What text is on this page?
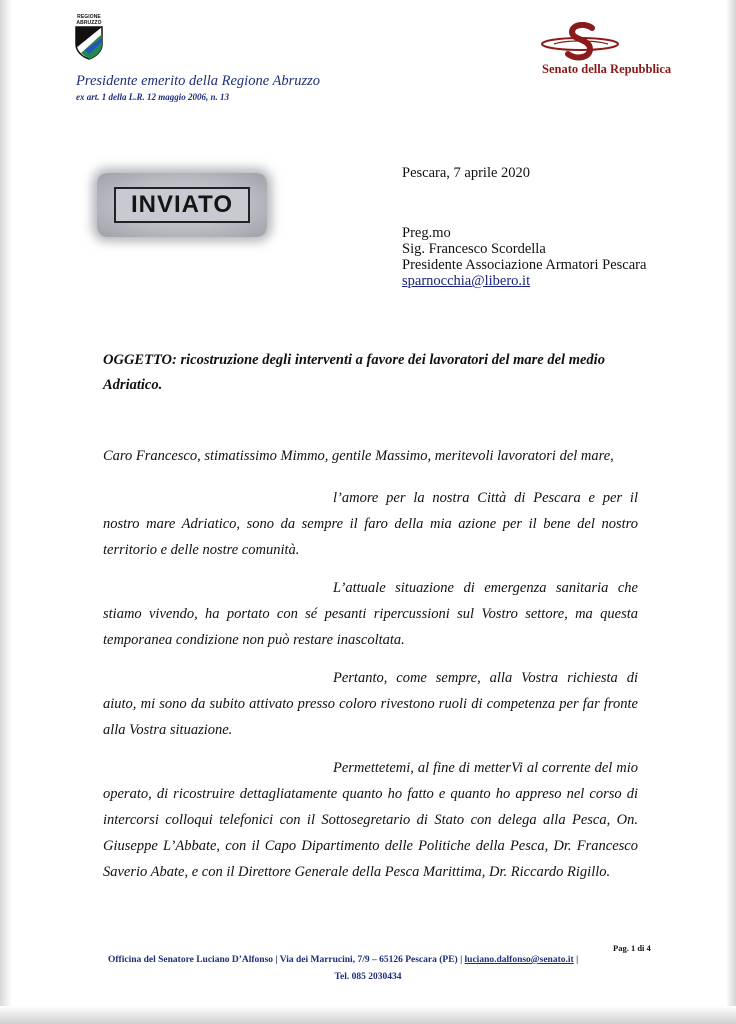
REGIONE
ABRUZZO
Presidente emerito della Regione Abruzzo
ex art. 1 della L.R. 12 maggio 2006, n. 13
Senato della Repubblica
INVIATO
Pescara, 7 aprile 2020
Preg.mo
Sig. Francesco Scordella
Presidente Associazione Armatori Pescara
sparnocchia@libero.it
OGGETTO: ricostruzione degli interventi a favore dei lavoratori del mare del medio Adriatico.

Caro Francesco, stimatissimo Mimmo, gentile Massimo, meritevoli lavoratori del mare,

l’amore per la nostra Città di Pescara e per il nostro mare Adriatico, sono da sempre il faro della mia azione per il bene del nostro territorio e delle nostre comunità.

L’attuale situazione di emergenza sanitaria che stiamo vivendo, ha portato con sé pesanti ripercussioni sul Vostro settore, ma questa temporanea condizione non può restare inascoltata.

Pertanto, come sempre, alla Vostra richiesta di aiuto, mi sono da subito attivato presso coloro rivestono ruoli di competenza per far fronte alla Vostra situazione.

Permettetemi, al fine di metterVi al corrente del mio operato, di ricostruire dettagliatamente quanto ho fatto e quanto ho appreso nel corso di intercorsi colloqui telefonici con il Sottosegretario di Stato con delega alla Pesca, On. Giuseppe L’Abbate, con il Capo Dipartimento delle Politiche della Pesca, Dr. Francesco Saverio Abate, e con il Direttore Generale della Pesca Marittima, Dr. Riccardo Rigillo.

Pag. 1 di 4
Officina del Senatore Luciano D’Alfonso | Via dei Marrucini, 7/9 – 65126 Pescara (PE) | luciano.dalfonso@senato.it |
Tel. 085 2030434
